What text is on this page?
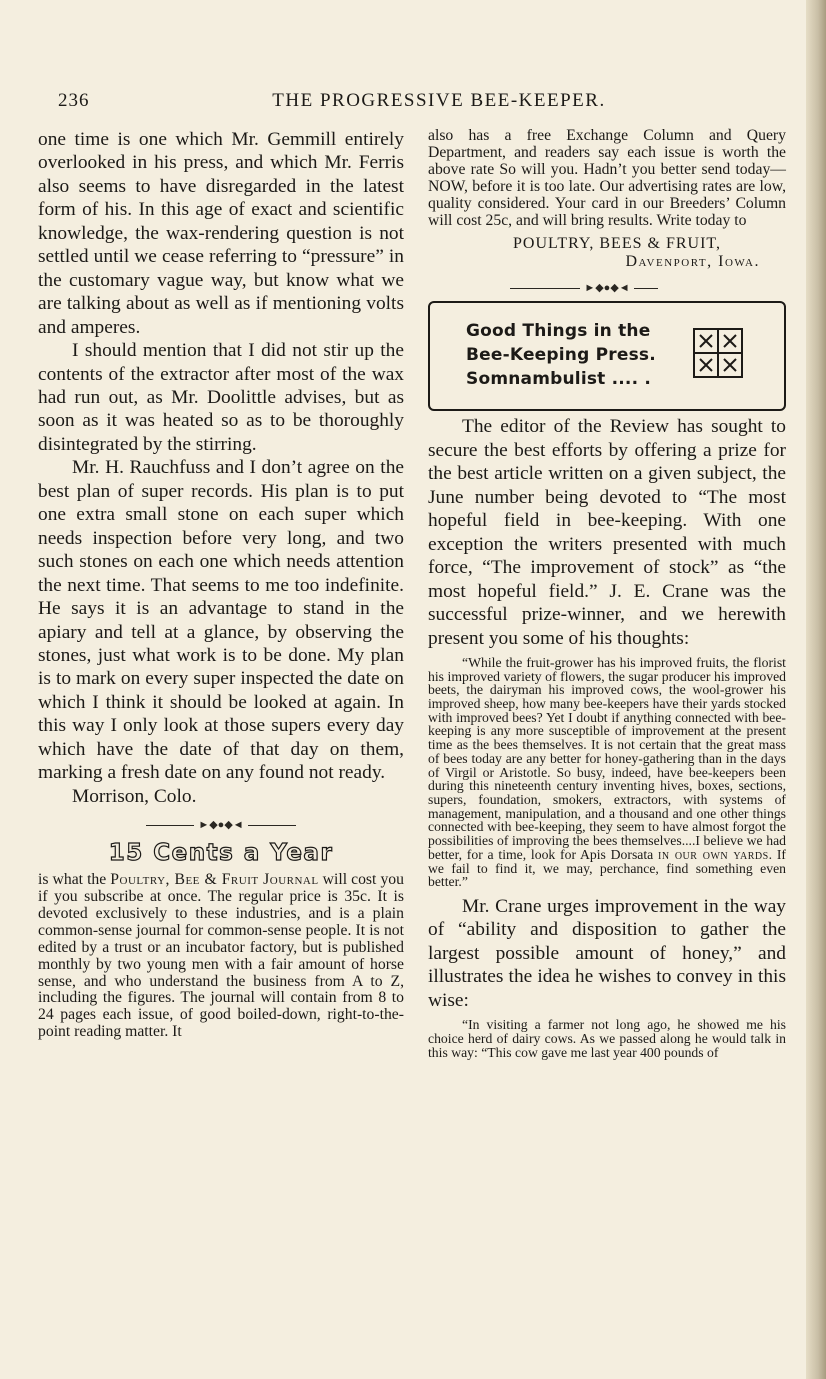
236	THE PROGRESSIVE BEE-KEEPER.

one time is one which Mr. Gemmill entirely overlooked in his press, and which Mr. Ferris also seems to have disregarded in the latest form of his. In this age of exact and scientific knowledge, the wax-rendering question is not settled until we cease referring to “pressure” in the customary vague way, but know what we are talking about as well as if mentioning volts and amperes.

I should mention that I did not stir up the contents of the extractor after most of the wax had run out, as Mr. Doolittle advises, but as soon as it was heated so as to be thoroughly disintegrated by the stirring.

Mr. H. Rauchfuss and I don’t agree on the best plan of super records. His plan is to put one extra small stone on each super which needs inspection before very long, and two such stones on each one which needs attention the next time. That seems to me too indefinite. He says it is an advantage to stand in the apiary and tell at a glance, by observing the stones, just what work is to be done. My plan is to mark on every super inspected the date on which I think it should be looked at again. In this way I only look at those supers every day which have the date of that day on them, marking a fresh date on any found not ready.

Morrison, Colo.

►◆●◆◄
15 Cents a Year

is what the Poultry, Bee & Fruit Journal will cost you if you subscribe at once. The regular price is 35c. It is devoted exclusively to these industries, and is a plain common-sense journal for common-sense people. It is not edited by a trust or an incubator factory, but is published monthly by two young men with a fair amount of horse sense, and who understand the business from A to Z, including the figures. The journal will contain from 8 to 24 pages each issue, of good boiled-down, right-to-the-point reading matter. It

also has a free Exchange Column and Query Department, and readers say each issue is worth the above rate So will you. Hadn’t you better send today—NOW, before it is too late. Our advertising rates are low, quality considered. Your card in our Breeders’ Column will cost 25c, and will bring results. Write today to

POULTRY, BEES & FRUIT,
Davenport, Iowa.
►◆●◆◄
Good Things in the
Bee-Keeping Press.
Somnambulist .... .

The editor of the Review has sought to secure the best efforts by offering a prize for the best article written on a given subject, the June number being devoted to “The most hopeful field in bee-keeping. With one exception the writers presented with much force, “The improvement of stock” as “the most hopeful field.” J. E. Crane was the successful prize-winner, and we herewith present you some of his thoughts:

“While the fruit-grower has his improved fruits, the florist his improved variety of flowers, the sugar producer his improved beets, the dairyman his improved cows, the wool-grower his improved sheep, how many bee-keepers have their yards stocked with improved bees? Yet I doubt if anything connected with bee-keeping is any more susceptible of improvement at the present time as the bees themselves. It is not certain that the great mass of bees today are any better for honey-gathering than in the days of Virgil or Aristotle. So busy, indeed, have bee-keepers been during this nineteenth century inventing hives, boxes, sections, supers, foundation, smokers, extractors, with systems of management, manipulation, and a thousand and one other things connected with bee-keeping, they seem to have almost forgot the possibilities of improving the bees themselves....I believe we had better, for a time, look for Apis Dorsata in our own yards. If we fail to find it, we may, perchance, find something even better.”

Mr. Crane urges improvement in the way of “ability and disposition to gather the largest possible amount of honey,” and illustrates the idea he wishes to convey in this wise:

“In visiting a farmer not long ago, he showed me his choice herd of dairy cows. As we passed along he would talk in this way: “This cow gave me last year 400 pounds of
